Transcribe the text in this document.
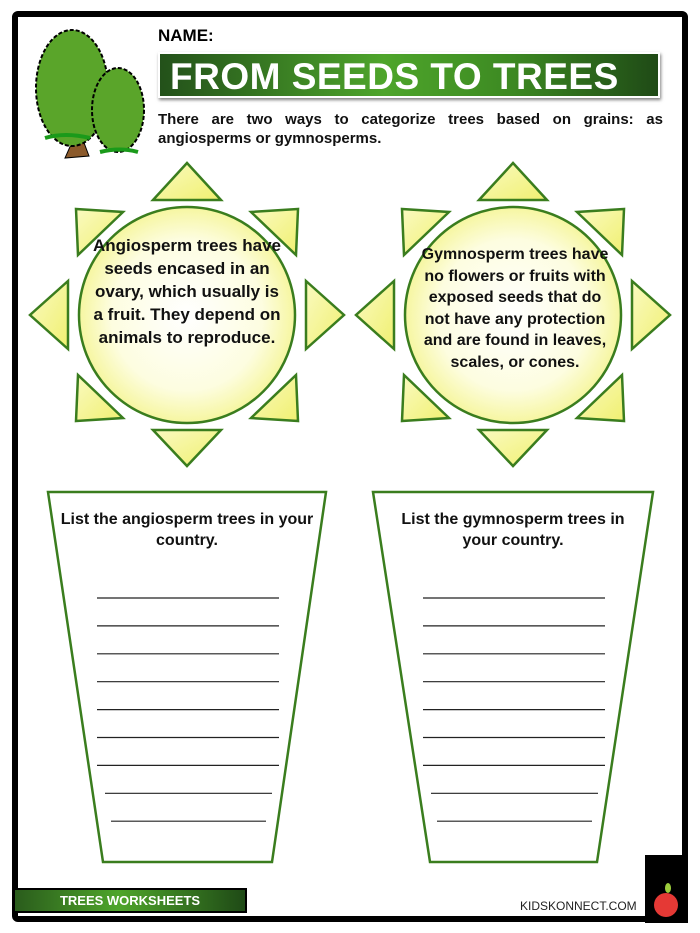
NAME:
FROM SEEDS TO TREES
There are two ways to categorize trees based on grains: as angiosperms or gymnosperms.
Angiosperm trees have seeds encased in an ovary, which usually is a fruit. They depend on animals to reproduce.
Gymnosperm trees have no flowers or fruits with exposed seeds that do not have any protection and are found in leaves, scales, or cones.
List the angiosperm trees in your country.
List the gymnosperm trees in your country.
TREES WORKSHEETS	KIDSKONNECT.COM
